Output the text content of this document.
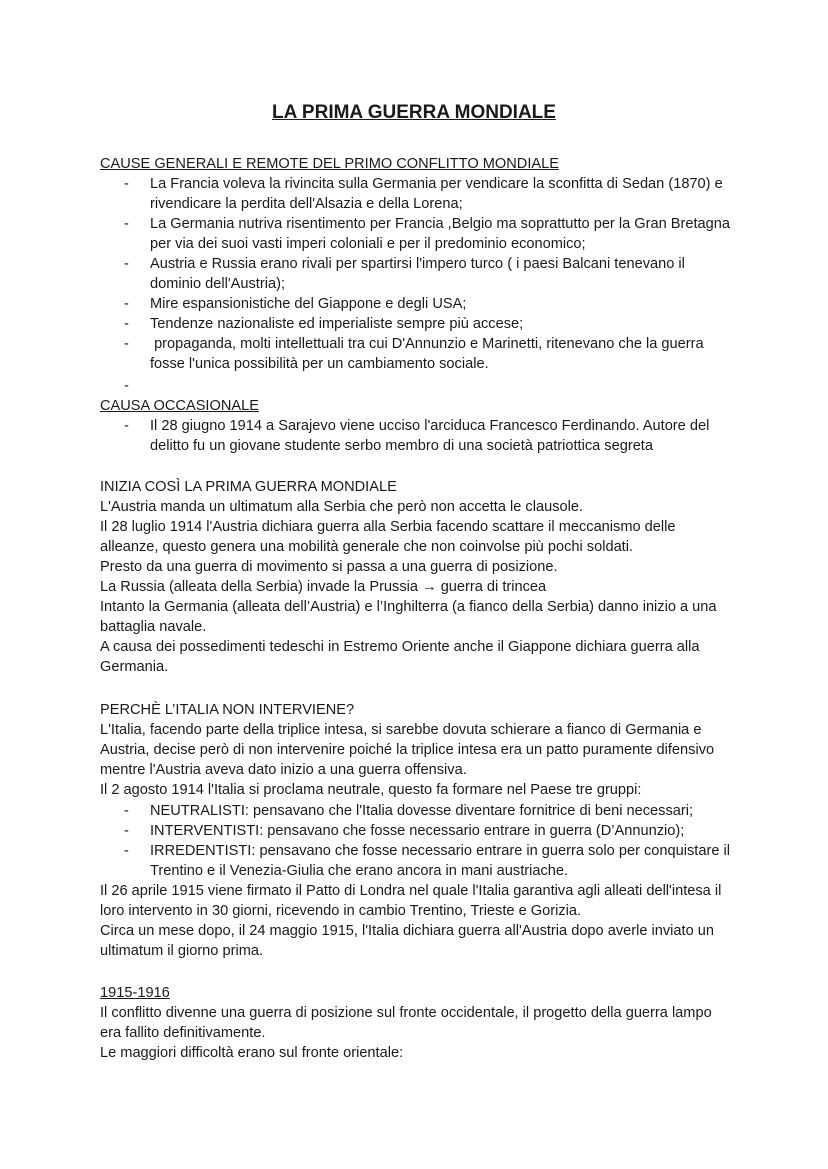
LA PRIMA GUERRA MONDIALE
CAUSE GENERALI E REMOTE DEL PRIMO CONFLITTO MONDIALE
- La Francia voleva la rivincita sulla Germania per vendicare la sconfitta di Sedan (1870) e rivendicare la perdita dell'Alsazia e della Lorena;
- La Germania nutriva risentimento per Francia ,Belgio ma soprattutto per la Gran Bretagna per via dei suoi vasti imperi coloniali e per il predominio economico;
- Austria e Russia erano rivali per spartirsi l'impero turco ( i paesi Balcani tenevano il dominio dell'Austria);
- Mire espansionistiche del Giappone e degli USA;
- Tendenze nazionaliste ed imperialiste sempre più accese;
- propaganda, molti intellettuali tra cui D'Annunzio e Marinetti, ritenevano che la guerra fosse l'unica possibilità per un cambiamento sociale.
-
CAUSA OCCASIONALE
- Il 28 giugno 1914 a Sarajevo viene ucciso l'arciduca Francesco Ferdinando. Autore del delitto fu un giovane studente serbo membro di una società patriottica segreta
INIZIA COSÌ LA PRIMA GUERRA MONDIALE

L'Austria manda un ultimatum alla Serbia che però non accetta le clausole.

Il 28 luglio 1914 l'Austria dichiara guerra alla Serbia facendo scattare il meccanismo delle alleanze, questo genera una mobilità generale che non coinvolse più pochi soldati.

Presto da una guerra di movimento si passa a una guerra di posizione.

La Russia (alleata della Serbia) invade la Prussia → guerra di trincea

Intanto la Germania (alleata dell’Austria) e l’Inghilterra (a fianco della Serbia) danno inizio a una battaglia navale.

A causa dei possedimenti tedeschi in Estremo Oriente anche il Giappone dichiara guerra alla Germania.

PERCHÈ L’ITALIA NON INTERVIENE?

L'Italia, facendo parte della triplice intesa, si sarebbe dovuta schierare a fianco di Germania e Austria, decise però di non intervenire poiché la triplice intesa era un patto puramente difensivo mentre l'Austria aveva dato inizio a una guerra offensiva.

Il 2 agosto 1914 l'Italia si proclama neutrale, questo fa formare nel Paese tre gruppi:

- NEUTRALISTI: pensavano che l'Italia dovesse diventare fornitrice di beni necessari;
- INTERVENTISTI: pensavano che fosse necessario entrare in guerra (D’Annunzio);
- IRREDENTISTI: pensavano che fosse necessario entrare in guerra solo per conquistare il Trentino e il Venezia-Giulia che erano ancora in mani austriache.

Il 26 aprile 1915 viene firmato il Patto di Londra nel quale l'Italia garantiva agli alleati dell'intesa il loro intervento in 30 giorni, ricevendo in cambio Trentino, Trieste e Gorizia.

Circa un mese dopo, il 24 maggio 1915, l'Italia dichiara guerra all'Austria dopo averle inviato un ultimatum il giorno prima.

1915-1916

Il conflitto divenne una guerra di posizione sul fronte occidentale, il progetto della guerra lampo era fallito definitivamente.

Le maggiori difficoltà erano sul fronte orientale:
